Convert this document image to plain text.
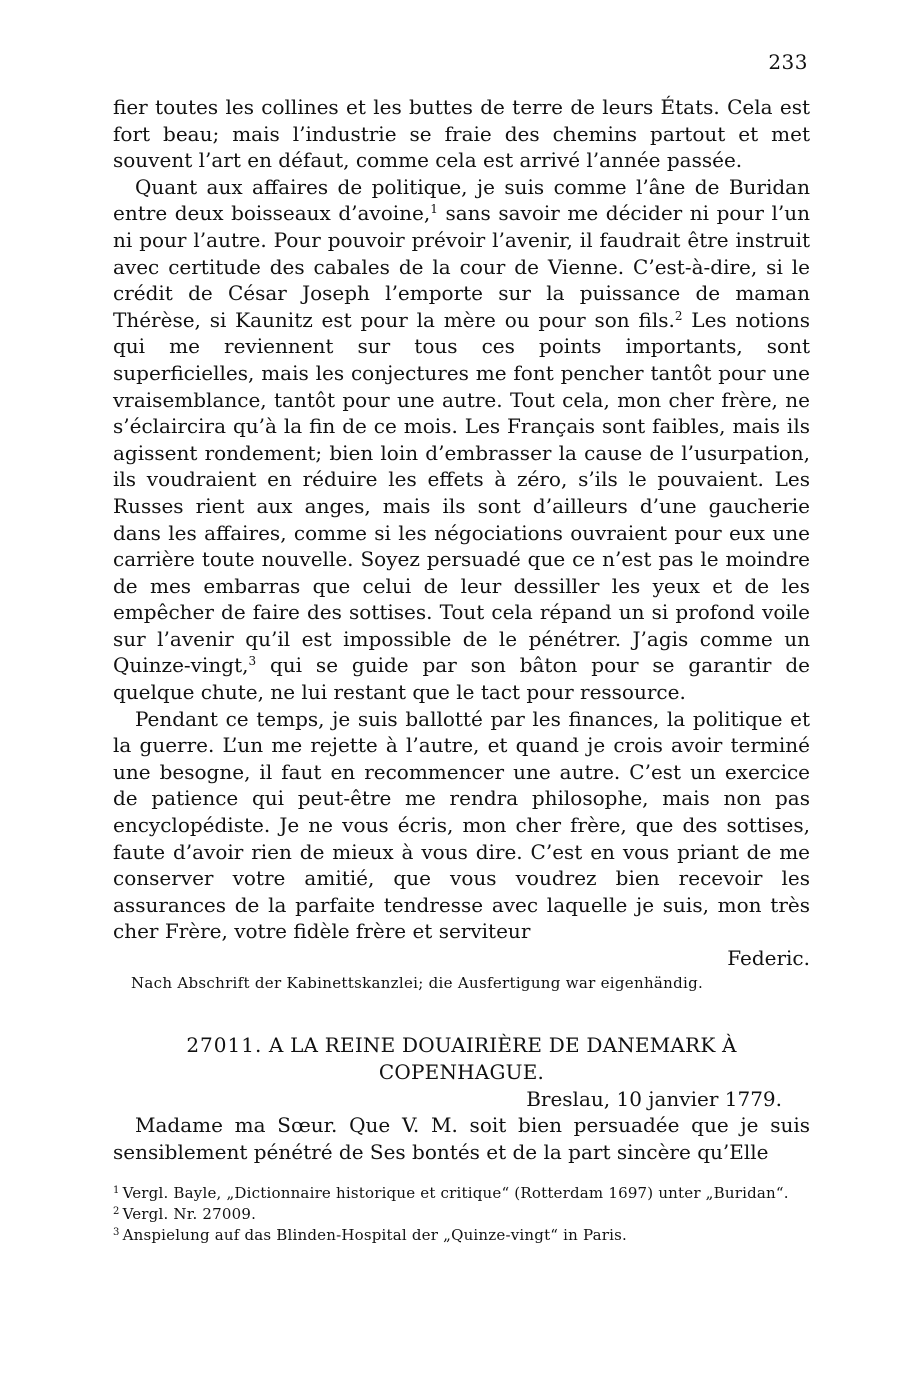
233

fier toutes les collines et les buttes de terre de leurs États. Cela est fort beau; mais l’industrie se fraie des chemins partout et met souvent l’art en défaut, comme cela est arrivé l’année passée.

Quant aux affaires de politique, je suis comme l’âne de Buridan entre deux boisseaux d’avoine,$^1$ sans savoir me décider ni pour l’un ni pour l’autre. Pour pouvoir prévoir l’avenir, il faudrait être instruit avec certitude des cabales de la cour de Vienne. C’est-à-dire, si le crédit de César Joseph l’emporte sur la puissance de maman Thérèse, si Kaunitz est pour la mère ou pour son fils.$^2$ Les notions qui me reviennent sur tous ces points importants, sont superficielles, mais les conjectures me font pencher tantôt pour une vraisemblance, tantôt pour une autre. Tout cela, mon cher frère, ne s’éclaircira qu’à la fin de ce mois. Les Français sont faibles, mais ils agissent rondement; bien loin d’embrasser la cause de l’usurpation, ils voudraient en réduire les effets à zéro, s’ils le pouvaient. Les Russes rient aux anges, mais ils sont d’ailleurs d’une gaucherie dans les affaires, comme si les négociations ouvraient pour eux une carrière toute nouvelle. Soyez persuadé que ce n’est pas le moindre de mes embarras que celui de leur dessiller les yeux et de les empêcher de faire des sottises. Tout cela répand un si profond voile sur l’avenir qu’il est impossible de le pénétrer. J’agis comme un Quinze-vingt,$^3$ qui se guide par son bâton pour se garantir de quelque chute, ne lui restant que le tact pour ressource.

Pendant ce temps, je suis ballotté par les finances, la politique et la guerre. L’un me rejette à l’autre, et quand je crois avoir terminé une besogne, il faut en recommencer une autre. C’est un exercice de patience qui peut-être me rendra philosophe, mais non pas encyclopédiste. Je ne vous écris, mon cher frère, que des sottises, faute d’avoir rien de mieux à vous dire. C’est en vous priant de me conserver votre amitié, que vous voudrez bien recevoir les assurances de la parfaite tendresse avec laquelle je suis, mon très cher Frère, votre fidèle frère et serviteur

Federic.

Nach Abschrift der Kabinettskanzlei; die Ausfertigung war eigenhändig.

27011. A LA REINE DOUAIRIÈRE DE DANEMARK À COPENHAGUE.

Breslau, 10 janvier 1779.

Madame ma Sœur. Que V. M. soit bien persuadée que je suis sensiblement pénétré de Ses bontés et de la part sincère qu’Elle

$^1$ Vergl. Bayle, „Dictionnaire historique et critique“ (Rotterdam 1697) unter „Buridan“.

$^2$ Vergl. Nr. 27009.

$^3$ Anspielung auf das Blinden-Hospital der „Quinze-vingt“ in Paris.
